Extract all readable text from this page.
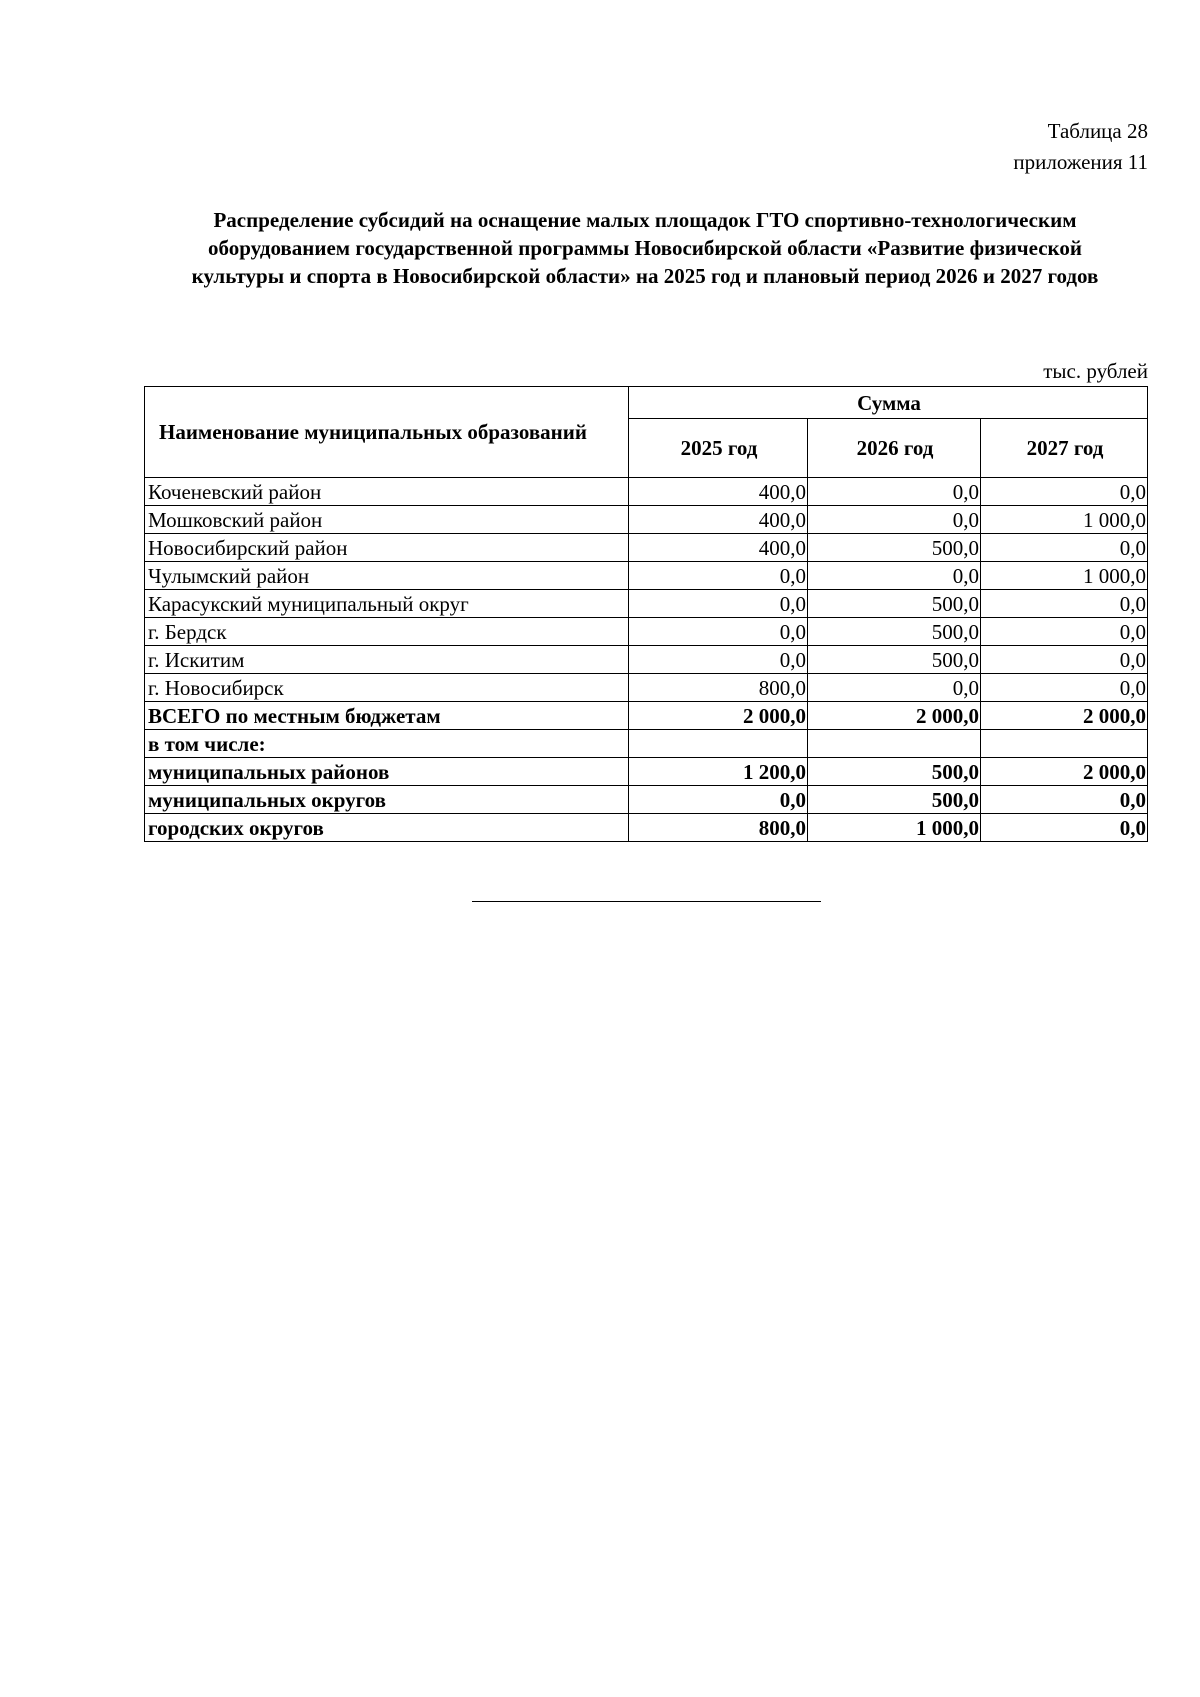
Таблица 28
приложения 11
Распределение субсидий на оснащение малых площадок ГТО спортивно-технологическим
оборудованием государственной программы Новосибирской области «Развитие физической
культуры и спорта в Новосибирской области» на 2025 год и плановый период 2026 и 2027 годов
тыс. рублей
Наименование муниципальных образований	Сумма		
	2025 год	2026 год	2027 год
Коченевский район	400,0	0,0	0,0
Мошковский район	400,0	0,0	1 000,0
Новосибирский район	400,0	500,0	0,0
Чулымский район	0,0	0,0	1 000,0
Карасукский муниципальный округ	0,0	500,0	0,0
г. Бердск	0,0	500,0	0,0
г. Искитим	0,0	500,0	0,0
г. Новосибирск	800,0	0,0	0,0
ВСЕГО по местным бюджетам	2 000,0	2 000,0	2 000,0
в том числе:			
муниципальных районов	1 200,0	500,0	2 000,0
муниципальных округов	0,0	500,0	0,0
городских округов	800,0	1 000,0	0,0
